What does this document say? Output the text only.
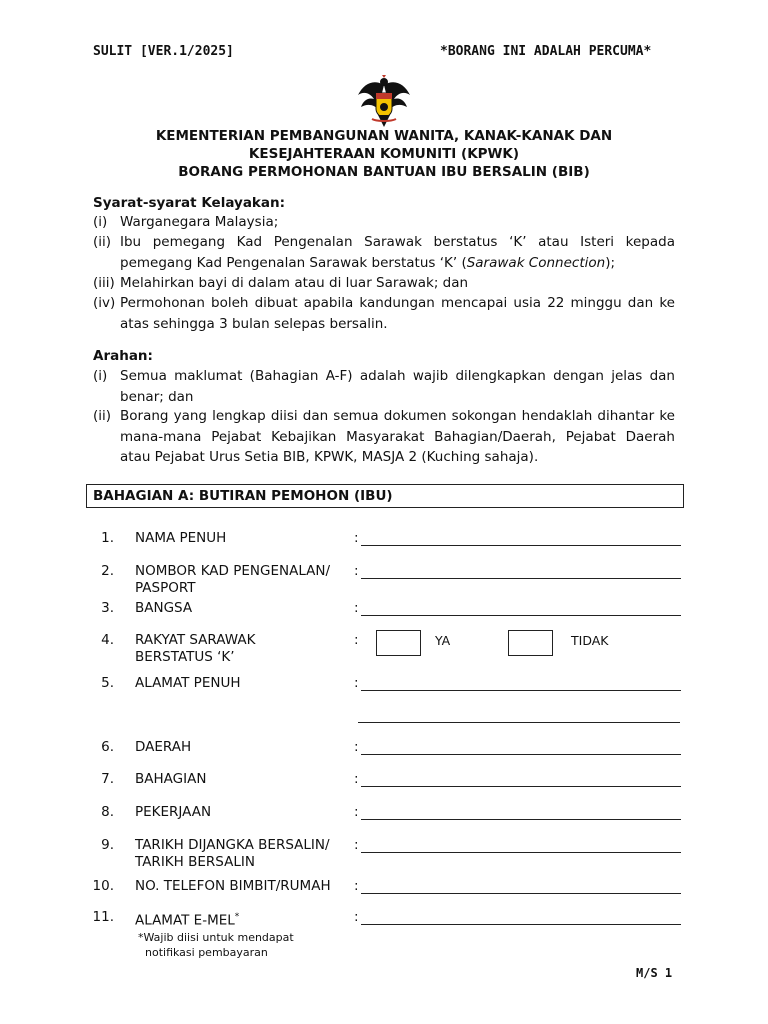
SULIT [VER.1/2025]	*BORANG INI ADALAH PERCUMA*
KEMENTERIAN PEMBANGUNAN WANITA, KANAK-KANAK DAN
KESEJAHTERAAN KOMUNITI (KPWK)
BORANG PERMOHONAN BANTUAN IBU BERSALIN (BIB)
Syarat-syarat Kelayakan:
(i) Warganegara Malaysia;
(ii) Ibu pemegang Kad Pengenalan Sarawak berstatus ‘K’ atau Isteri kepada
pemegang Kad Pengenalan Sarawak berstatus ‘K’ (Sarawak Connection);
(iii) Melahirkan bayi di dalam atau di luar Sarawak; dan
(iv) Permohonan boleh dibuat apabila kandungan mencapai usia 22 minggu dan ke
atas sehingga 3 bulan selepas bersalin.
Arahan:
(i) Semua maklumat (Bahagian A-F) adalah wajib dilengkapkan dengan jelas dan
benar; dan
(ii) Borang yang lengkap diisi dan semua dokumen sokongan hendaklah dihantar ke
mana-mana Pejabat Kebajikan Masyarakat Bahagian/Daerah, Pejabat Daerah
atau Pejabat Urus Setia BIB, KPWK, MASJA 2 (Kuching sahaja).
BAHAGIAN A: BUTIRAN PEMOHON (IBU)
1. NAMA PENUH	:
2. NOMBOR KAD PENGENALAN/
PASPORT
:
3. BANGSA	:
4. RAKYAT SARAWAK
BERSTATUS ‘K’
:	YA	TIDAK
5. ALAMAT PENUH	:
6. DAERAH	:
7. BAHAGIAN	:
8. PEKERJAAN	:
9. TARIKH DIJANGKA BERSALIN/
TARIKH BERSALIN
:
10. NO. TELEFON BIMBIT/RUMAH	:
11. ALAMAT E-MEL*	:
*Wajib diisi untuk mendapat
notifikasi pembayaran
M/S 1
